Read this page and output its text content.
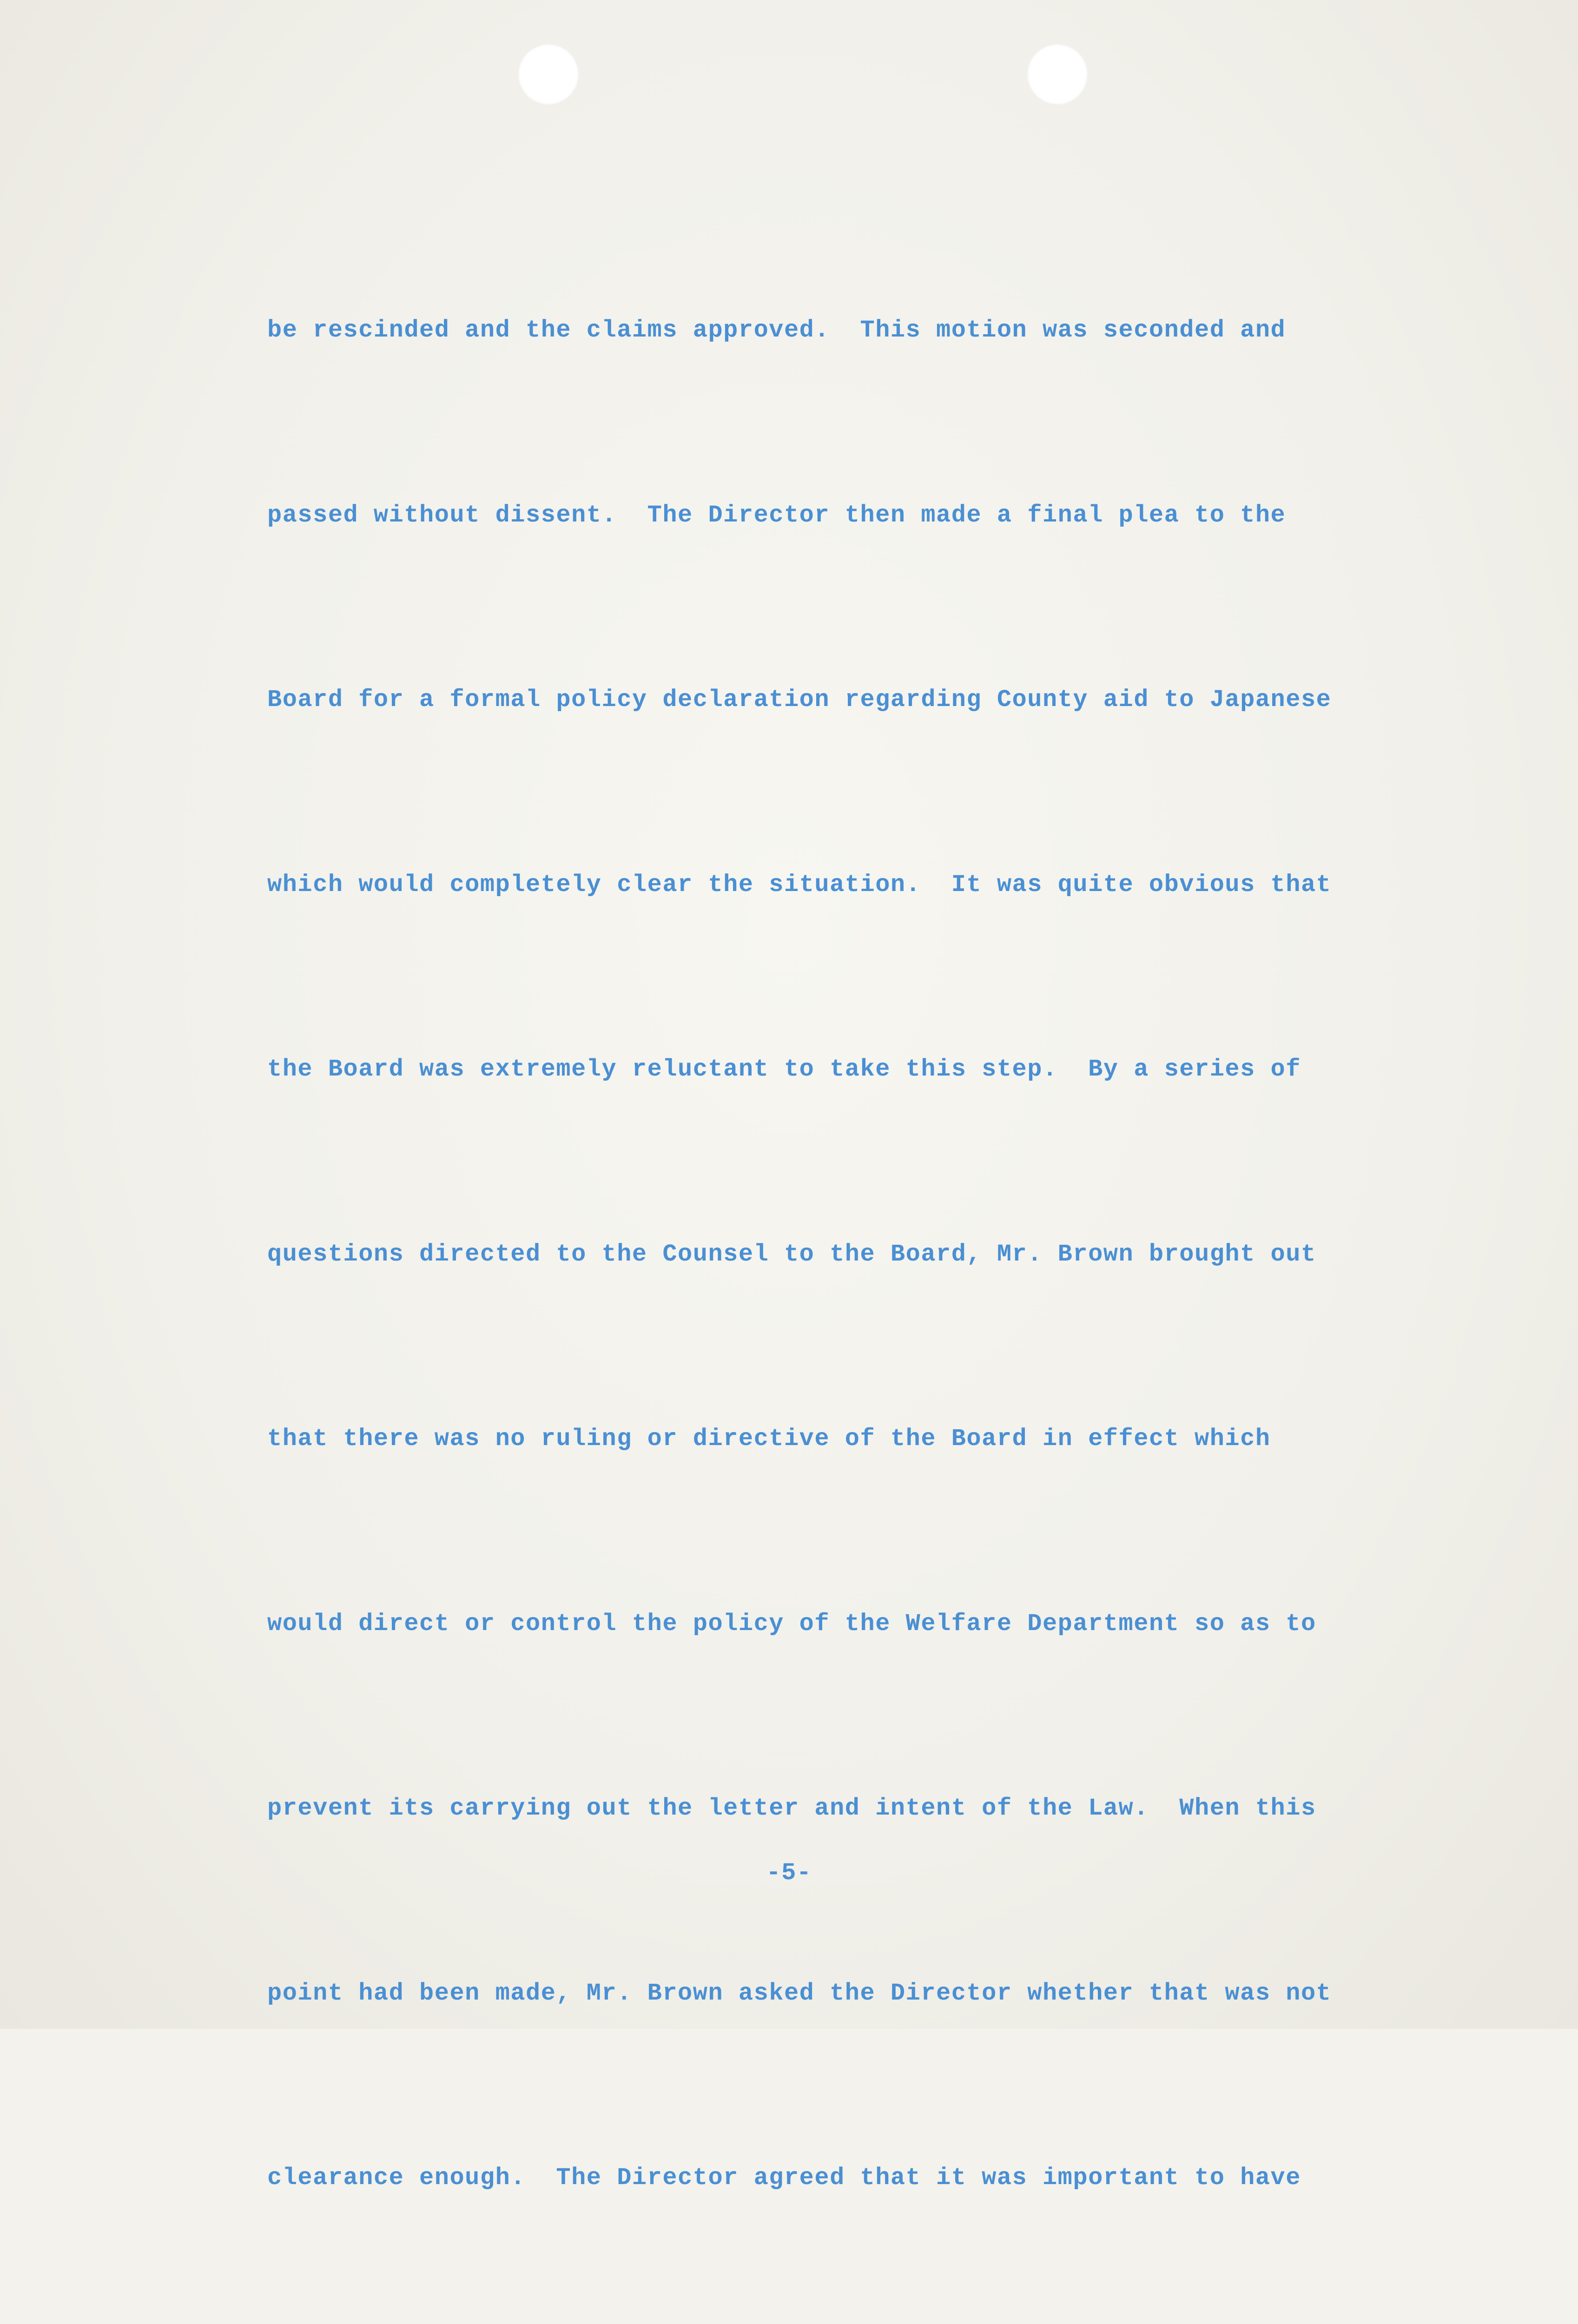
be rescinded and the claims approved.  This motion was seconded and

passed without dissent.  The Director then made a final plea to the

Board for a formal policy declaration regarding County aid to Japanese

which would completely clear the situation.  It was quite obvious that

the Board was extremely reluctant to take this step.  By a series of

questions directed to the Counsel to the Board, Mr. Brown brought out

that there was no ruling or directive of the Board in effect which

would direct or control the policy of the Welfare Department so as to

prevent its carrying out the letter and intent of the Law.  When this

point had been made, Mr. Brown asked the Director whether that was not

clearance enough.  The Director agreed that it was important to have

-5-
